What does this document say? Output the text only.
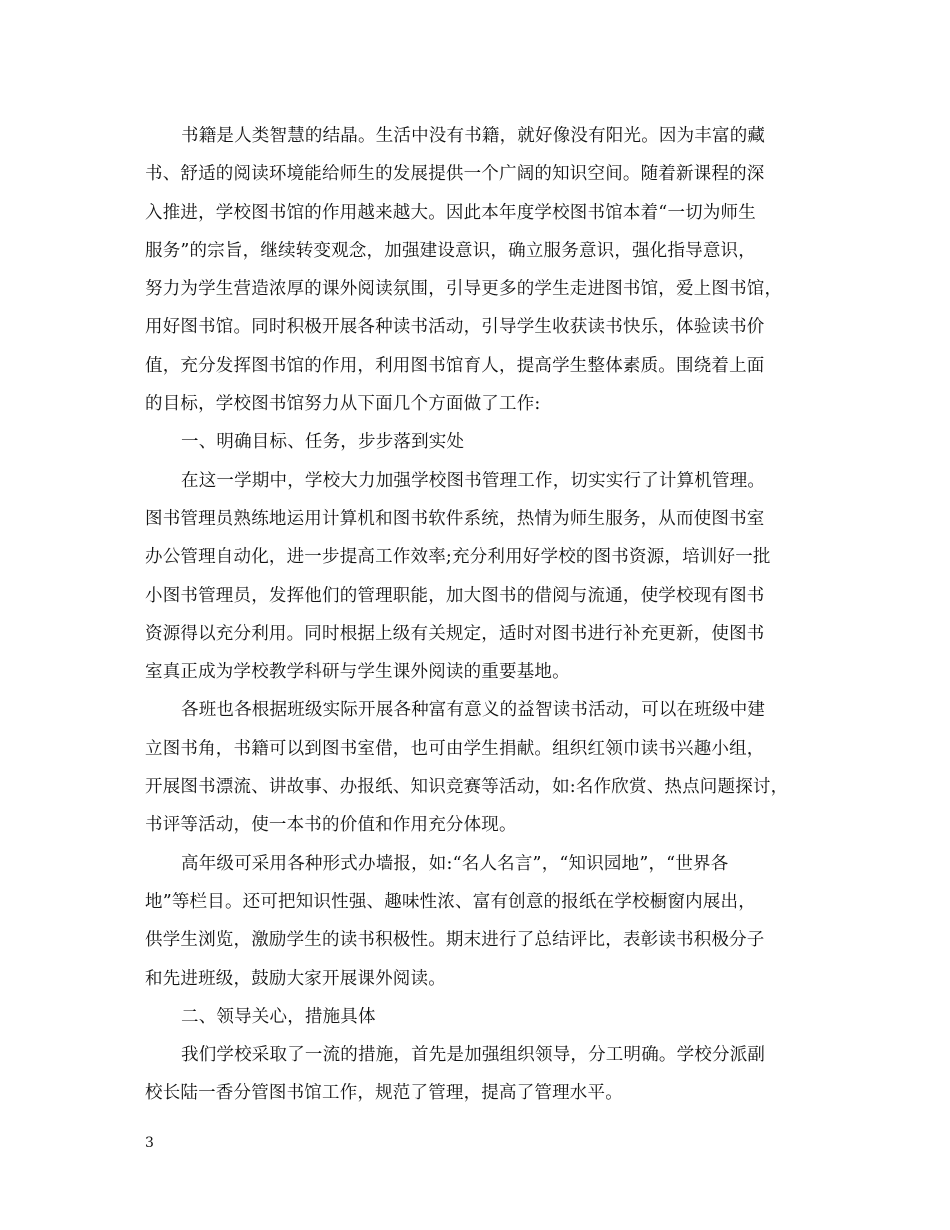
书籍是人类智慧的结晶。生活中没有书籍，就好像没有阳光。因为丰富的藏
书、舒适的阅读环境能给师生的发展提供一个广阔的知识空间。随着新课程的深
入推进，学校图书馆的作用越来越大。因此本年度学校图书馆本着“一切为师生
服务”的宗旨，继续转变观念，加强建设意识，确立服务意识，强化指导意识，
努力为学生营造浓厚的课外阅读氛围，引导更多的学生走进图书馆，爱上图书馆，
用好图书馆。同时积极开展各种读书活动，引导学生收获读书快乐，体验读书价
值，充分发挥图书馆的作用，利用图书馆育人，提高学生整体素质。围绕着上面
的目标，学校图书馆努力从下面几个方面做了工作:
一、明确目标、任务，步步落到实处
在这一学期中，学校大力加强学校图书管理工作，切实实行了计算机管理。
图书管理员熟练地运用计算机和图书软件系统，热情为师生服务，从而使图书室
办公管理自动化，进一步提高工作效率;充分利用好学校的图书资源，培训好一批
小图书管理员，发挥他们的管理职能，加大图书的借阅与流通，使学校现有图书
资源得以充分利用。同时根据上级有关规定，适时对图书进行补充更新，使图书
室真正成为学校教学科研与学生课外阅读的重要基地。
各班也各根据班级实际开展各种富有意义的益智读书活动，可以在班级中建
立图书角，书籍可以到图书室借，也可由学生捐献。组织红领巾读书兴趣小组，
开展图书漂流、讲故事、办报纸、知识竞赛等活动，如:名作欣赏、热点问题探讨，
书评等活动，使一本书的价值和作用充分体现。
高年级可采用各种形式办墙报，如:“名人名言”，“知识园地”，“世界各
地”等栏目。还可把知识性强、趣味性浓、富有创意的报纸在学校橱窗内展出，
供学生浏览，激励学生的读书积极性。期末进行了总结评比，表彰读书积极分子
和先进班级，鼓励大家开展课外阅读。
二、领导关心，措施具体
我们学校采取了一流的措施，首先是加强组织领导，分工明确。学校分派副
校长陆一香分管图书馆工作，规范了管理，提高了管理水平。
3
